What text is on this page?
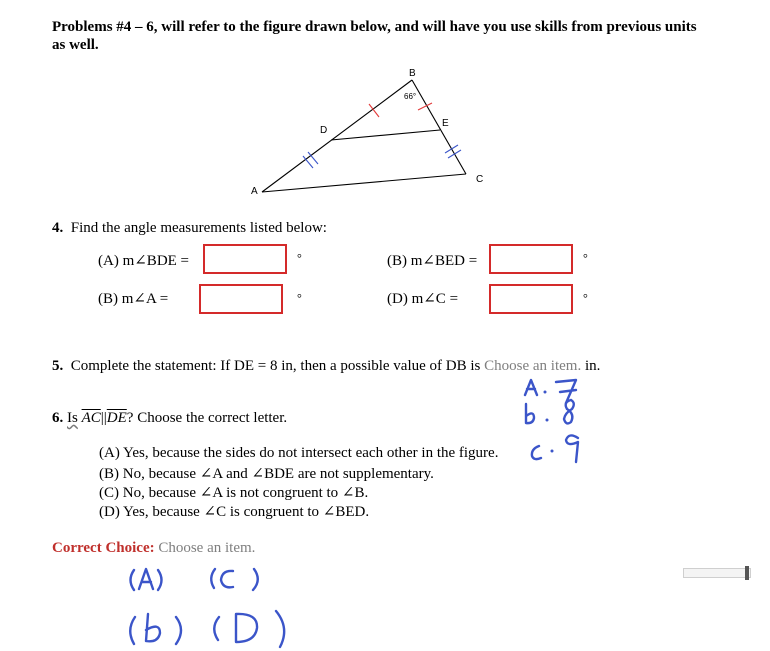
Problems #4 – 6, will refer to the figure drawn below, and will have you use skills from previous units as well.
B
A
C
D
E
66°
4. Find the angle measurements listed below:
(A) m∠BDE =	°	(B) m∠BED =	°
(B) m∠A =	°	(D) m∠C =	°
5. Complete the statement: If DE = 8 in, then a possible value of DB is Choose an item. in.
6. Is $\overline{AC}||\overline{DE}$? Choose the correct letter.
(A) Yes, because the sides do not intersect each other in the figure.
(B) No, because ∠A and ∠BDE are not supplementary.
(C) No, because ∠A is not congruent to ∠B.
(D) Yes, because ∠C is congruent to ∠BED.
Correct Choice: Choose an item.
